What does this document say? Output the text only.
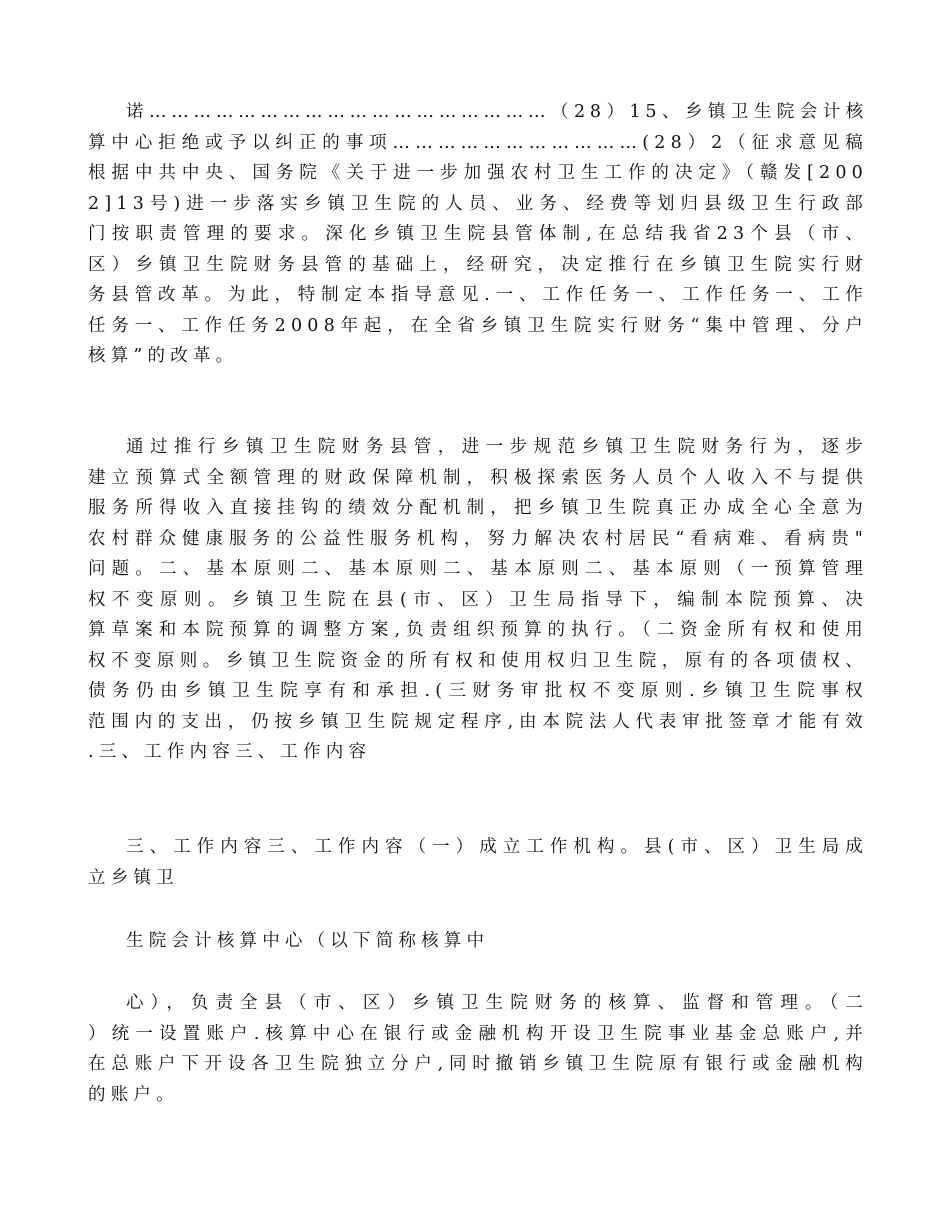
诺………………………………………………（28）15、乡镇卫生院会计核
算中心拒绝或予以纠正的事项……………………………(28）2（征求意见稿
根据中共中央、国务院《关于进一步加强农村卫生工作的决定》（赣发[200
2]13号)进一步落实乡镇卫生院的人员、业务、经费等划归县级卫生行政部
门按职责管理的要求。深化乡镇卫生院县管体制,在总结我省23个县（市、
区）乡镇卫生院财务县管的基础上，经研究，决定推行在乡镇卫生院实行财
务县管改革。为此，特制定本指导意见.一、工作任务一、工作任务一、工作
任务一、工作任务2008年起，在全省乡镇卫生院实行财务“集中管理、分户
核算”的改革。
通过推行乡镇卫生院财务县管，进一步规范乡镇卫生院财务行为，逐步
建立预算式全额管理的财政保障机制，积极探索医务人员个人收入不与提供
服务所得收入直接挂钩的绩效分配机制，把乡镇卫生院真正办成全心全意为
农村群众健康服务的公益性服务机构，努力解决农村居民“看病难、看病贵"
问题。二、基本原则二、基本原则二、基本原则二、基本原则（一预算管理
权不变原则。乡镇卫生院在县(市、区）卫生局指导下，编制本院预算、决
算草案和本院预算的调整方案,负责组织预算的执行。（二资金所有权和使用
权不变原则。乡镇卫生院资金的所有权和使用权归卫生院，原有的各项债权、
债务仍由乡镇卫生院享有和承担.(三财务审批权不变原则.乡镇卫生院事权
范围内的支出，仍按乡镇卫生院规定程序,由本院法人代表审批签章才能有效
.三、工作内容三、工作内容
三、工作内容三、工作内容（一）成立工作机构。县(市、区）卫生局成
立乡镇卫
生院会计核算中心（以下简称核算中
心），负责全县（市、区）乡镇卫生院财务的核算、监督和管理。（二
）统一设置账户.核算中心在银行或金融机构开设卫生院事业基金总账户,并
在总账户下开设各卫生院独立分户,同时撤销乡镇卫生院原有银行或金融机构
的账户。
